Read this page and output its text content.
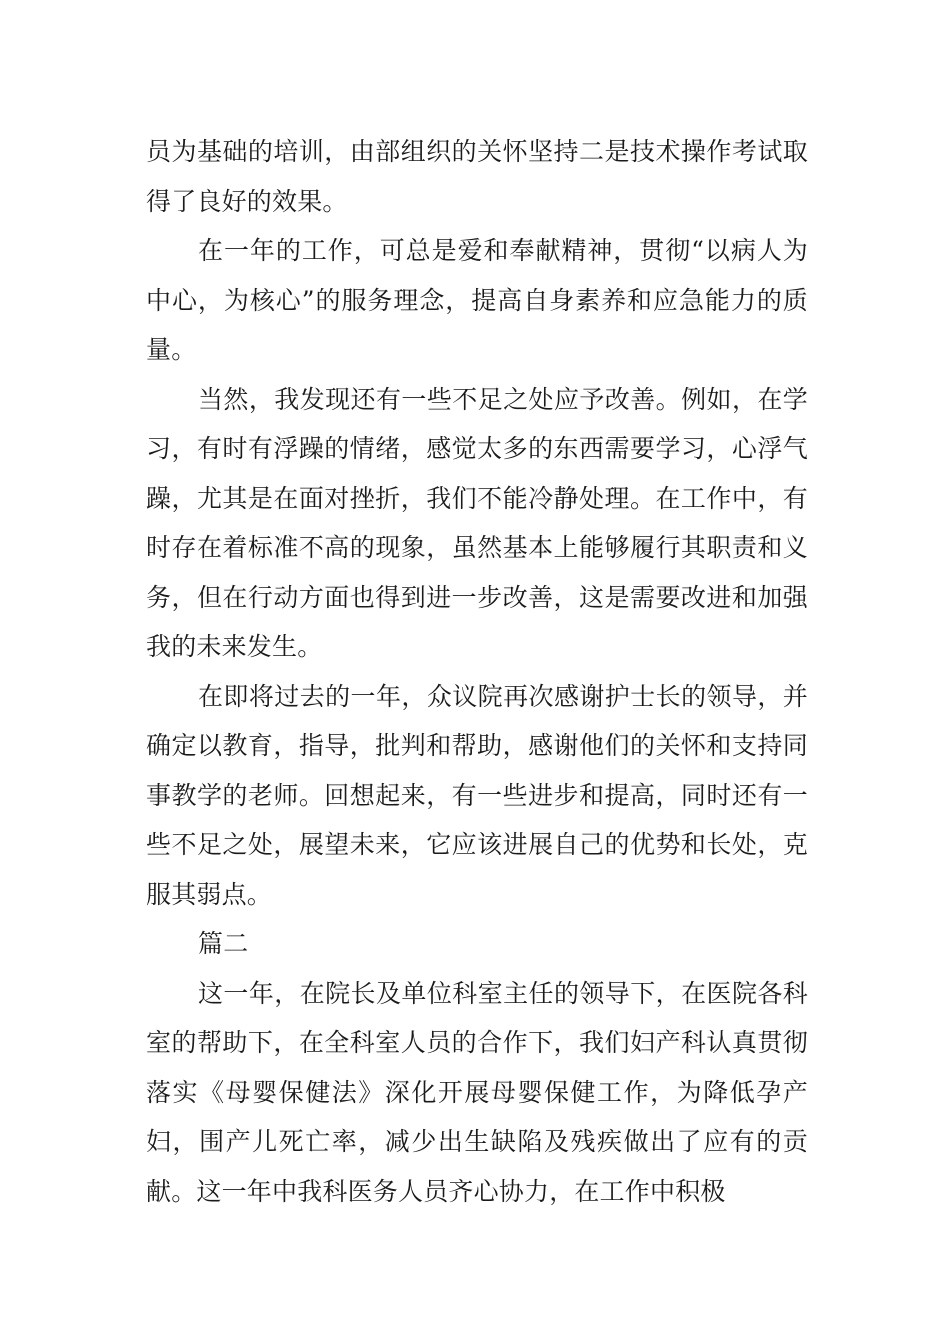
员为基础的培训，由部组织的关怀坚持二是技术操作考试取得了良好的效果。

在一年的工作，可总是爱和奉献精神，贯彻“以病人为中心，为核心”的服务理念，提高自身素养和应急能力的质量。

当然，我发现还有一些不足之处应予改善。例如，在学习，有时有浮躁的情绪，感觉太多的东西需要学习，心浮气躁，尤其是在面对挫折，我们不能冷静处理。在工作中，有时存在着标准不高的现象，虽然基本上能够履行其职责和义务，但在行动方面也得到进一步改善，这是需要改进和加强我的未来发生。

在即将过去的一年，众议院再次感谢护士长的领导，并确定以教育，指导，批判和帮助，感谢他们的关怀和支持同事教学的老师。回想起来，有一些进步和提高，同时还有一些不足之处，展望未来，它应该进展自己的优势和长处，克服其弱点。

篇二

这一年，在院长及单位科室主任的领导下，在医院各科室的帮助下，在全科室人员的合作下，我们妇产科认真贯彻落实《母婴保健法》深化开展母婴保健工作，为降低孕产妇，围产儿死亡率，减少出生缺陷及残疾做出了应有的贡献。这一年中我科医务人员齐心协力，在工作中积极
